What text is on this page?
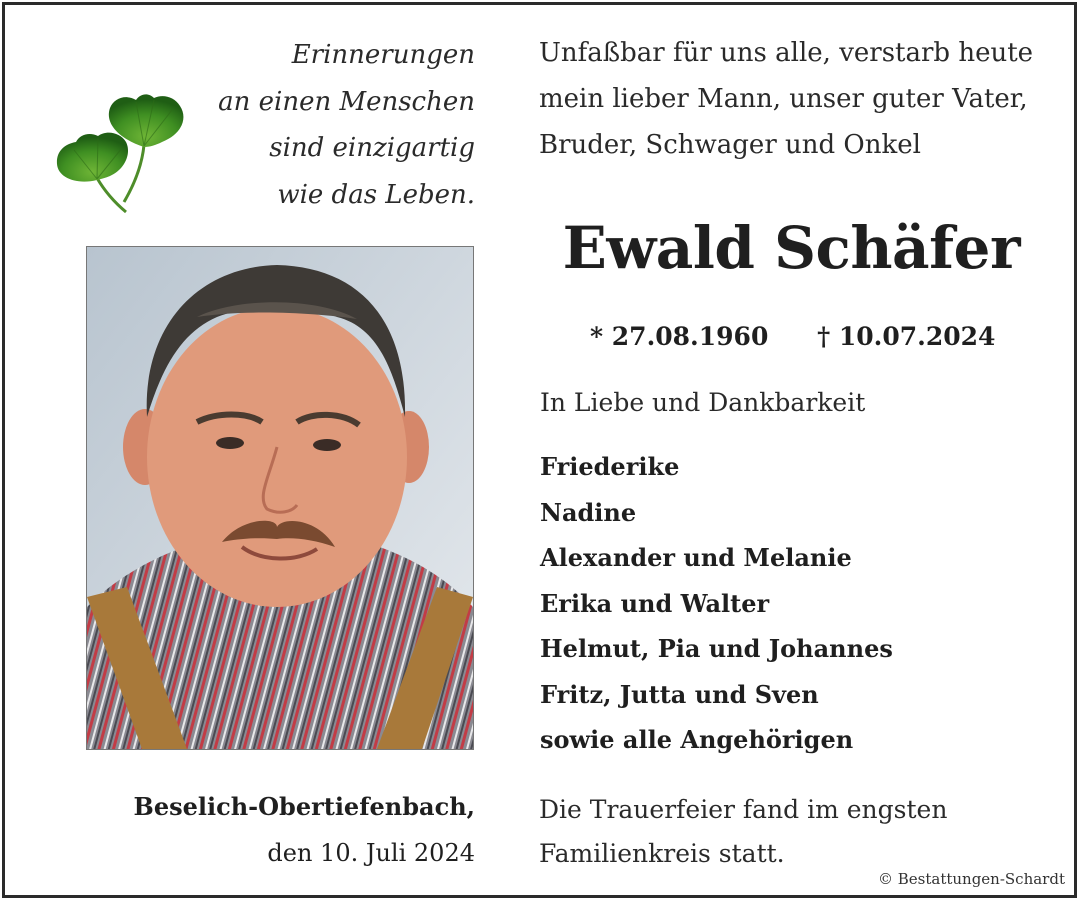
Erinnerungen
an einen Menschen
sind einzigartig
wie das Leben.
Unfaßbar für uns alle, verstarb heute
mein lieber Mann, unser guter Vater,
Bruder, Schwager und Onkel
Ewald Schäfer
* 27.08.1960 † 10.07.2024
In Liebe und Dankbarkeit
Friederike
Nadine
Alexander und Melanie
Erika und Walter
Helmut, Pia und Johannes
Fritz, Jutta und Sven
sowie alle Angehörigen
Beselich-Obertiefenbach,
den 10. Juli 2024
Die Trauerfeier fand im engsten
Familienkreis statt.
© Bestattungen-Schardt
